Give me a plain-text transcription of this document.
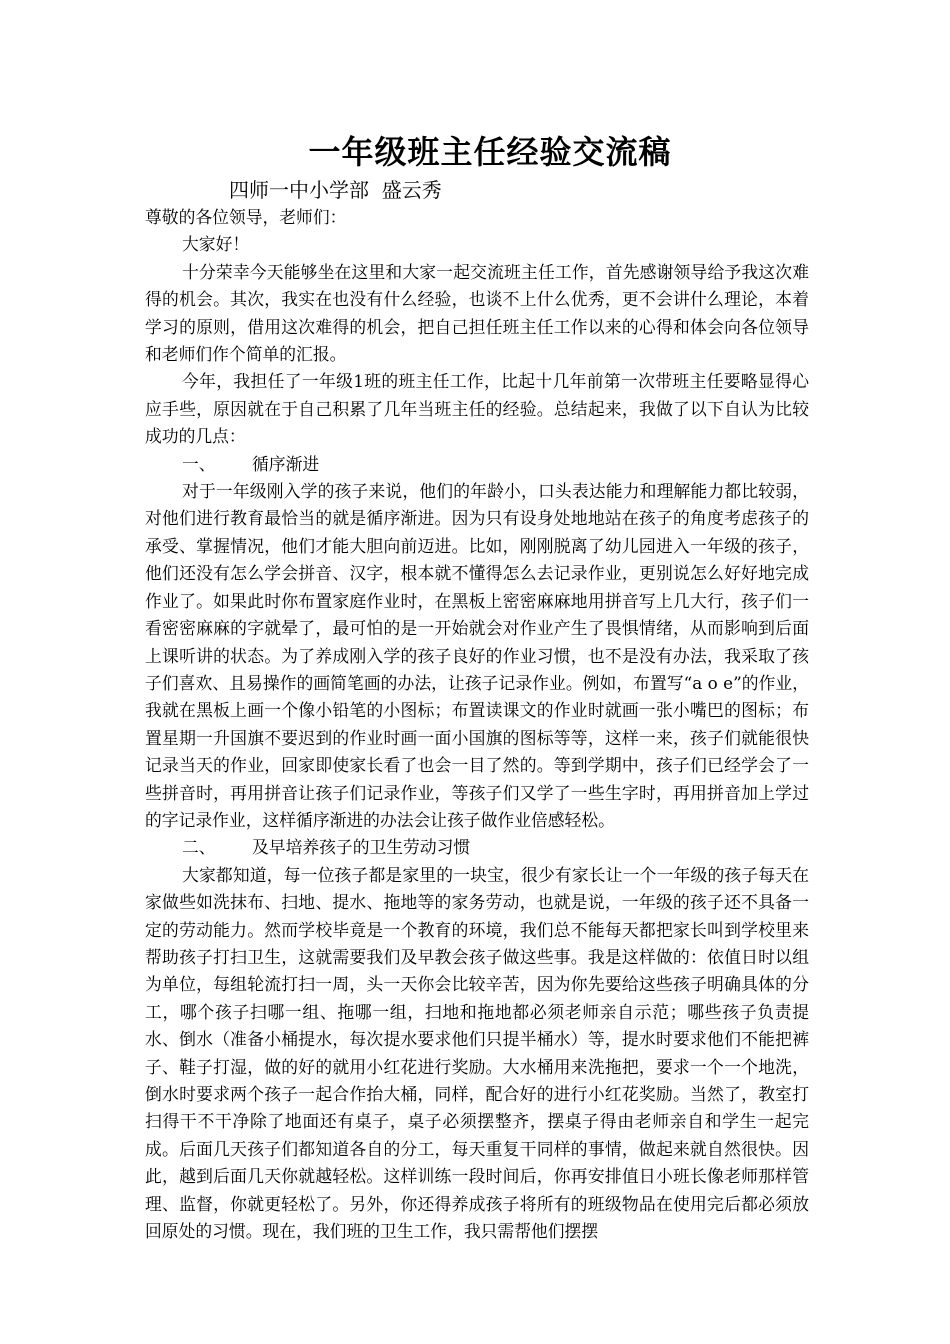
一年级班主任经验交流稿

四师一中小学部  盛云秀

尊敬的各位领导，老师们：

大家好！

十分荣幸今天能够坐在这里和大家一起交流班主任工作，首先感谢领导给予我这次难得的机会。其次，我实在也没有什么经验，也谈不上什么优秀，更不会讲什么理论，本着学习的原则，借用这次难得的机会，把自己担任班主任工作以来的心得和体会向各位领导和老师们作个简单的汇报。

今年，我担任了一年级1班的班主任工作，比起十几年前第一次带班主任要略显得心应手些，原因就在于自己积累了几年当班主任的经验。总结起来，我做了以下自认为比较成功的几点：

一、 循序渐进

对于一年级刚入学的孩子来说，他们的年龄小，口头表达能力和理解能力都比较弱，对他们进行教育最恰当的就是循序渐进。因为只有设身处地地站在孩子的角度考虑孩子的承受、掌握情况，他们才能大胆向前迈进。比如，刚刚脱离了幼儿园进入一年级的孩子，他们还没有怎么学会拼音、汉字，根本就不懂得怎么去记录作业，更别说怎么好好地完成作业了。如果此时你布置家庭作业时，在黑板上密密麻麻地用拼音写上几大行，孩子们一看密密麻麻的字就晕了，最可怕的是一开始就会对作业产生了畏惧情绪，从而影响到后面上课听讲的状态。为了养成刚入学的孩子良好的作业习惯，也不是没有办法，我采取了孩子们喜欢、且易操作的画简笔画的办法，让孩子记录作业。例如，布置写“a o e”的作业，我就在黑板上画一个像小铅笔的小图标；布置读课文的作业时就画一张小嘴巴的图标；布置星期一升国旗不要迟到的作业时画一面小国旗的图标等等，这样一来，孩子们就能很快记录当天的作业，回家即使家长看了也会一目了然的。等到学期中，孩子们已经学会了一些拼音时，再用拼音让孩子们记录作业，等孩子们又学了一些生字时，再用拼音加上学过的字记录作业，这样循序渐进的办法会让孩子做作业倍感轻松。

二、 及早培养孩子的卫生劳动习惯

大家都知道，每一位孩子都是家里的一块宝，很少有家长让一个一年级的孩子每天在家做些如洗抹布、扫地、提水、拖地等的家务劳动，也就是说，一年级的孩子还不具备一定的劳动能力。然而学校毕竟是一个教育的环境，我们总不能每天都把家长叫到学校里来帮助孩子打扫卫生，这就需要我们及早教会孩子做这些事。我是这样做的：依值日时以组为单位，每组轮流打扫一周，头一天你会比较辛苦，因为你先要给这些孩子明确具体的分工，哪个孩子扫哪一组、拖哪一组，扫地和拖地都必须老师亲自示范；哪些孩子负责提水、倒水（准备小桶提水，每次提水要求他们只提半桶水）等，提水时要求他们不能把裤子、鞋子打湿，做的好的就用小红花进行奖励。大水桶用来洗拖把，要求一个一个地洗，倒水时要求两个孩子一起合作抬大桶，同样，配合好的进行小红花奖励。当然了，教室打扫得干不干净除了地面还有桌子，桌子必须摆整齐，摆桌子得由老师亲自和学生一起完成。后面几天孩子们都知道各自的分工，每天重复干同样的事情，做起来就自然很快。因此，越到后面几天你就越轻松。这样训练一段时间后，你再安排值日小班长像老师那样管理、监督，你就更轻松了。另外，你还得养成孩子将所有的班级物品在使用完后都必须放回原处的习惯。现在，我们班的卫生工作，我只需帮他们摆摆
